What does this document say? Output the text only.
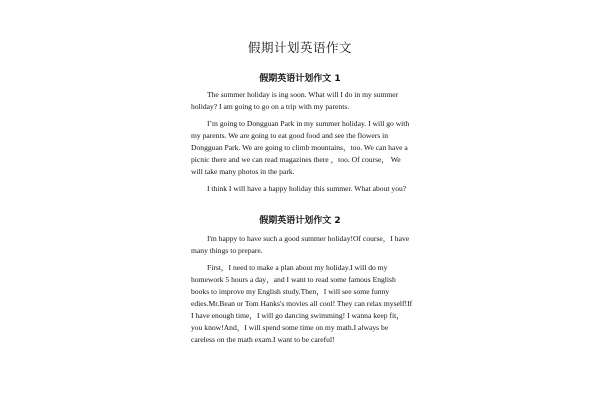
假期计划英语作文
假期英语计划作文 1

The summer holiday is ing soon. What will I do in my summer holiday? I am going to go on a trip with my parents.

I’m going to Dongguan Park in my summer holiday. I will go with my parents. We are going to eat good food and see the flowers in Dongguan Park. We are going to climb mountains，too. We can have a picnic there and we can read magazines there ，too. Of course， We will take many photos in the park.

I think I will have a happy holiday this summer. What about you?

假期英语计划作文 2

I'm happy to have such a good summer holiday!Of course，I have many things to prepare.

First，I need to make a plan about my holiday.I will do my homework 5 hours a day，and I want to read some famous English books to improve my English study.Then，I will see some funny edies.Mr.Bean or Tom Hanks's movies all cool! They can relax myself!If I have enough time，I will go dancing swimming! I wanna keep fit，you know!And，I will spend some time on my math.I always be careless on the math exam.I want to be careful!
